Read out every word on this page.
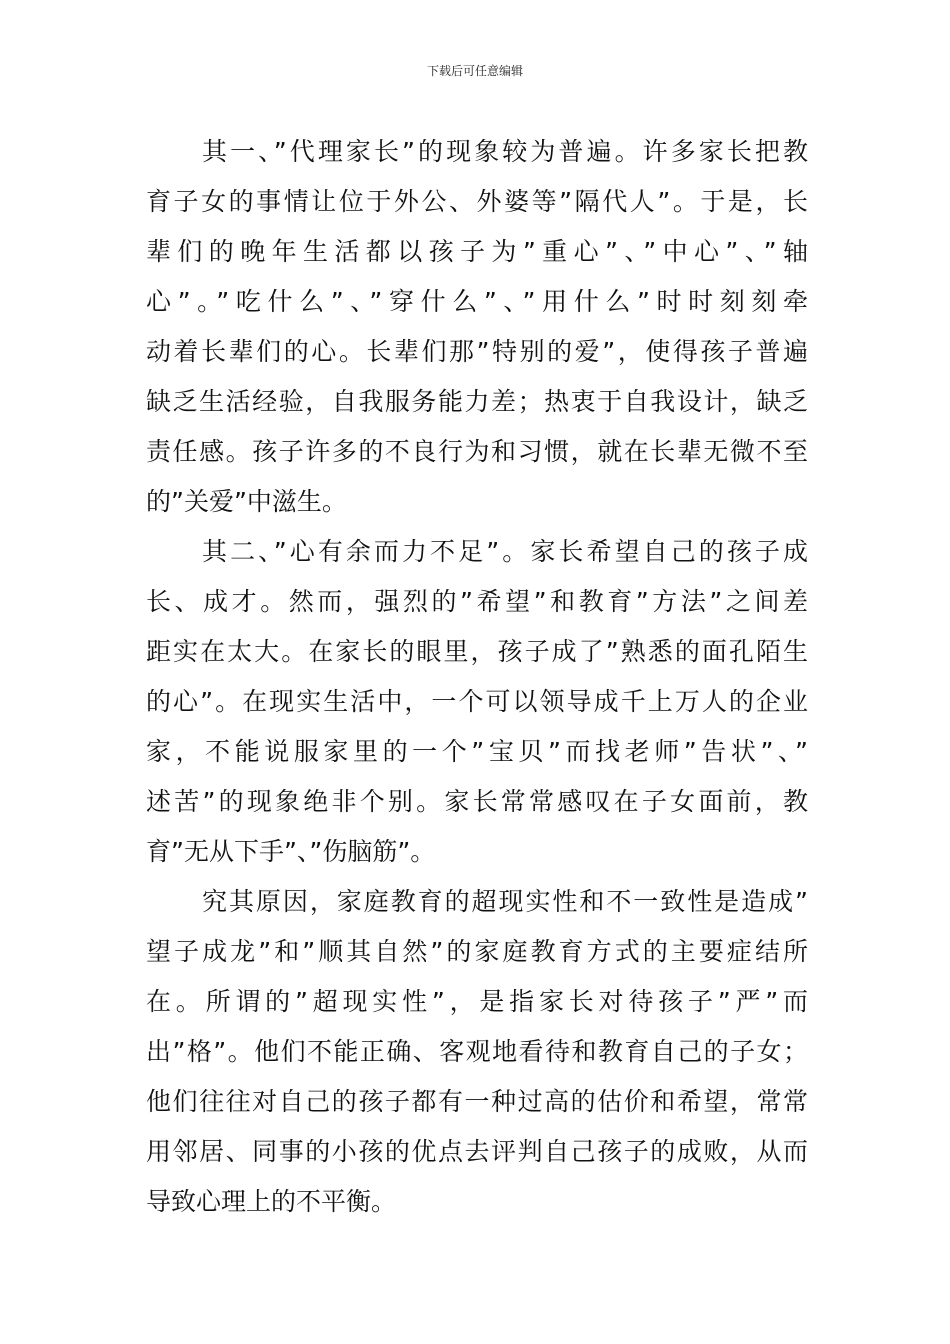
下载后可任意编辑
其一、”代理家长”的现象较为普遍。许多家长把教
育子女的事情让位于外公、外婆等”隔代人”。于是，长
辈们的晚年生活都以孩子为”重心”、”中心”、”轴
心”。”吃什么”、”穿什么”、”用什么”时时刻刻牵
动着长辈们的心。长辈们那”特别的爱”，使得孩子普遍
缺乏生活经验，自我服务能力差；热衷于自我设计，缺乏
责任感。孩子许多的不良行为和习惯，就在长辈无微不至
的”关爱”中滋生。
其二、”心有余而力不足”。家长希望自己的孩子成
长、成才。然而，强烈的”希望”和教育”方法”之间差
距实在太大。在家长的眼里，孩子成了”熟悉的面孔陌生
的心”。在现实生活中，一个可以领导成千上万人的企业
家，不能说服家里的一个”宝贝”而找老师”告状”、”
述苦”的现象绝非个别。家长常常感叹在子女面前，教
育”无从下手”、”伤脑筋”。
究其原因，家庭教育的超现实性和不一致性是造成”
望子成龙”和”顺其自然”的家庭教育方式的主要症结所
在。所谓的”超现实性”，是指家长对待孩子”严”而
出”格”。他们不能正确、客观地看待和教育自己的子女；
他们往往对自己的孩子都有一种过高的估价和希望，常常
用邻居、同事的小孩的优点去评判自己孩子的成败，从而
导致心理上的不平衡。
